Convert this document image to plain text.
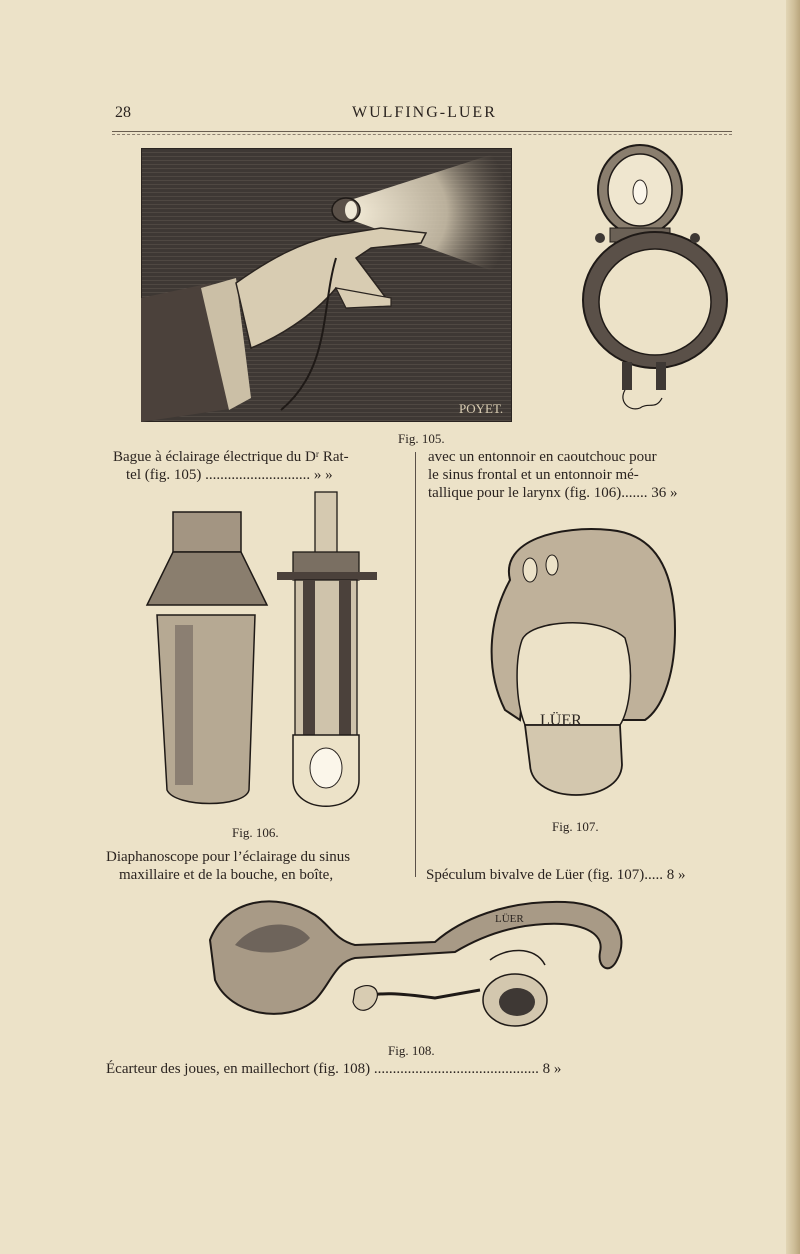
28	WULFING-LUER
POYET.
Fig. 105.
Bague à éclairage électrique du Dʳ Rat-
tel (fig. 105) ............................ » »
avec un entonnoir en caoutchouc pour
le sinus frontal et un entonnoir mé-
tallique pour le larynx (fig. 106)....... 36 »
Fig. 106.
LÜER
Fig. 107.
Diaphanoscope pour l’éclairage du sinus
maxillaire et de la bouche, en boîte,	Spéculum bivalve de Lüer (fig. 107)..... 8 »
LÜER
Fig. 108.
Écarteur des joues, en maillechort (fig. 108) ............................................ 8 »
